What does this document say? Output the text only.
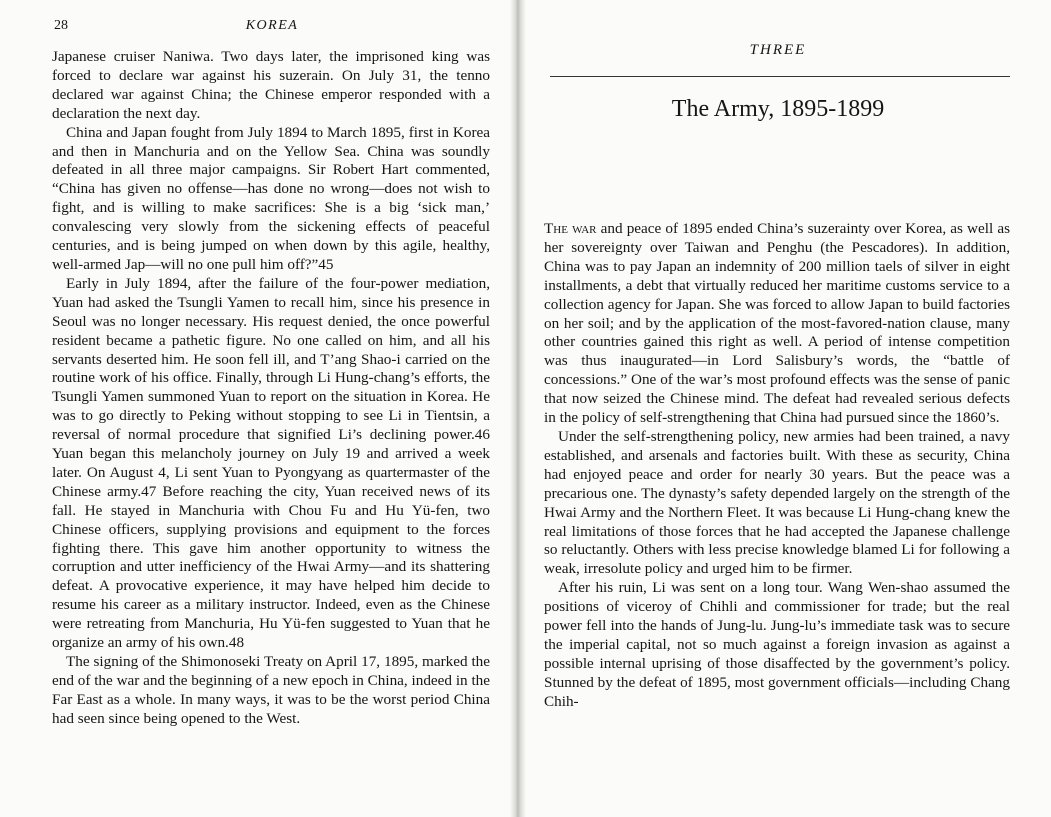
28	KOREA

Japanese cruiser Naniwa. Two days later, the imprisoned king was forced to declare war against his suzerain. On July 31, the tenno declared war against China; the Chinese emperor responded with a declaration the next day.

China and Japan fought from July 1894 to March 1895, first in Korea and then in Manchuria and on the Yellow Sea. China was soundly defeated in all three major campaigns. Sir Robert Hart commented, “China has given no offense—has done no wrong—does not wish to fight, and is willing to make sacrifices: She is a big ‘sick man,’ convalescing very slowly from the sickening effects of peaceful centuries, and is being jumped on when down by this agile, healthy, well-armed Jap—will no one pull him off?”45

Early in July 1894, after the failure of the four-power mediation, Yuan had asked the Tsungli Yamen to recall him, since his presence in Seoul was no longer necessary. His request denied, the once powerful resident became a pathetic figure. No one called on him, and all his servants deserted him. He soon fell ill, and T’ang Shao-i carried on the routine work of his office. Finally, through Li Hung-chang’s efforts, the Tsungli Yamen summoned Yuan to report on the situation in Korea. He was to go directly to Peking without stopping to see Li in Tientsin, a reversal of normal procedure that signified Li’s declining power.46 Yuan began this melancholy journey on July 19 and arrived a week later. On August 4, Li sent Yuan to Pyongyang as quartermaster of the Chinese army.47 Before reaching the city, Yuan received news of its fall. He stayed in Manchuria with Chou Fu and Hu Yü-fen, two Chinese officers, supplying provisions and equipment to the forces fighting there. This gave him another opportunity to witness the corruption and utter inefficiency of the Hwai Army—and its shattering defeat. A provocative experience, it may have helped him decide to resume his career as a military instructor. Indeed, even as the Chinese were retreating from Manchuria, Hu Yü-fen suggested to Yuan that he organize an army of his own.48

The signing of the Shimonoseki Treaty on April 17, 1895, marked the end of the war and the beginning of a new epoch in China, indeed in the Far East as a whole. In many ways, it was to be the worst period China had seen since being opened to the West.

THREE
The Army, 1895-1899

The war and peace of 1895 ended China’s suzerainty over Korea, as well as her sovereignty over Taiwan and Penghu (the Pescadores). In addition, China was to pay Japan an indemnity of 200 million taels of silver in eight installments, a debt that virtually reduced her maritime customs service to a collection agency for Japan. She was forced to allow Japan to build factories on her soil; and by the application of the most-favored-nation clause, many other countries gained this right as well. A period of intense competition was thus inaugurated—in Lord Salisbury’s words, the “battle of concessions.” One of the war’s most profound effects was the sense of panic that now seized the Chinese mind. The defeat had revealed serious defects in the policy of self-strengthening that China had pursued since the 1860’s.

Under the self-strengthening policy, new armies had been trained, a navy established, and arsenals and factories built. With these as security, China had enjoyed peace and order for nearly 30 years. But the peace was a precarious one. The dynasty’s safety depended largely on the strength of the Hwai Army and the Northern Fleet. It was because Li Hung-chang knew the real limitations of those forces that he had accepted the Japanese challenge so reluctantly. Others with less precise knowledge blamed Li for following a weak, irresolute policy and urged him to be firmer.

After his ruin, Li was sent on a long tour. Wang Wen-shao assumed the positions of viceroy of Chihli and commissioner for trade; but the real power fell into the hands of Jung-lu. Jung-lu’s immediate task was to secure the imperial capital, not so much against a foreign invasion as against a possible internal uprising of those disaffected by the government’s policy. Stunned by the defeat of 1895, most government officials—including Chang Chih-
